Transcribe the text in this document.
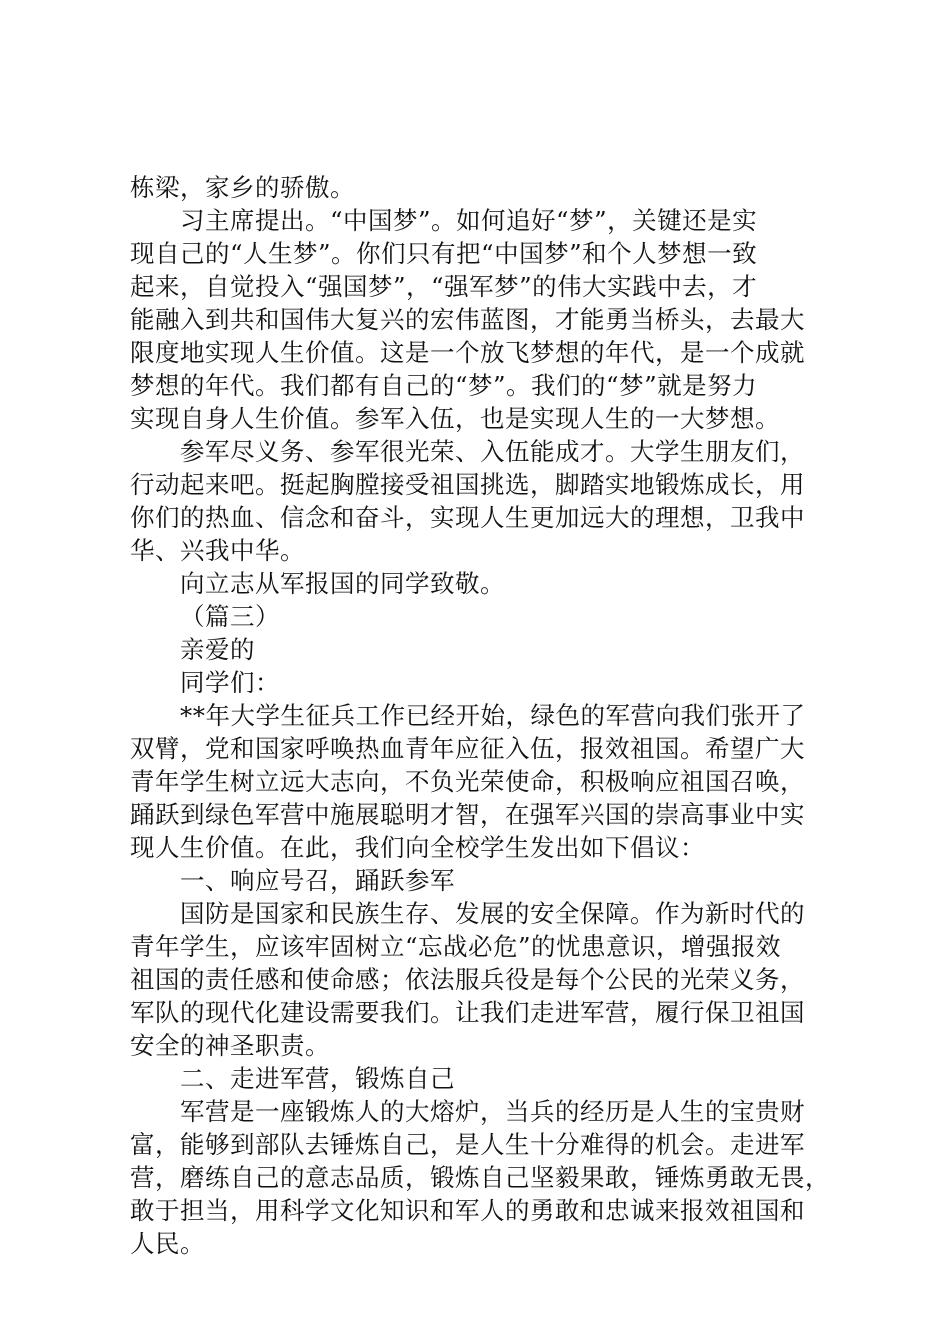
栋梁，家乡的骄傲。
习主席提出。“中国梦”。如何追好“梦”，关键还是实
现自己的“人生梦”。你们只有把“中国梦”和个人梦想一致
起来，自觉投入“强国梦”，“强军梦”的伟大实践中去，才
能融入到共和国伟大复兴的宏伟蓝图，才能勇当桥头，去最大
限度地实现人生价值。这是一个放飞梦想的年代，是一个成就
梦想的年代。我们都有自己的“梦”。我们的“梦”就是努力
实现自身人生价值。参军入伍，也是实现人生的一大梦想。
参军尽义务、参军很光荣、入伍能成才。大学生朋友们，
行动起来吧。挺起胸膛接受祖国挑选，脚踏实地锻炼成长，用
你们的热血、信念和奋斗，实现人生更加远大的理想，卫我中
华、兴我中华。
向立志从军报国的同学致敬。
（篇三）
亲爱的
同学们：
**年大学生征兵工作已经开始，绿色的军营向我们张开了
双臂，党和国家呼唤热血青年应征入伍，报效祖国。希望广大
青年学生树立远大志向，不负光荣使命，积极响应祖国召唤，
踊跃到绿色军营中施展聪明才智，在强军兴国的崇高事业中实
现人生价值。在此，我们向全校学生发出如下倡议：
一、响应号召，踊跃参军
国防是国家和民族生存、发展的安全保障。作为新时代的
青年学生，应该牢固树立“忘战必危”的忧患意识，增强报效
祖国的责任感和使命感；依法服兵役是每个公民的光荣义务，
军队的现代化建设需要我们。让我们走进军营，履行保卫祖国
安全的神圣职责。
二、走进军营，锻炼自己
军营是一座锻炼人的大熔炉，当兵的经历是人生的宝贵财
富，能够到部队去锤炼自己，是人生十分难得的机会。走进军
营，磨练自己的意志品质，锻炼自己坚毅果敢，锤炼勇敢无畏，
敢于担当，用科学文化知识和军人的勇敢和忠诚来报效祖国和
人民。
